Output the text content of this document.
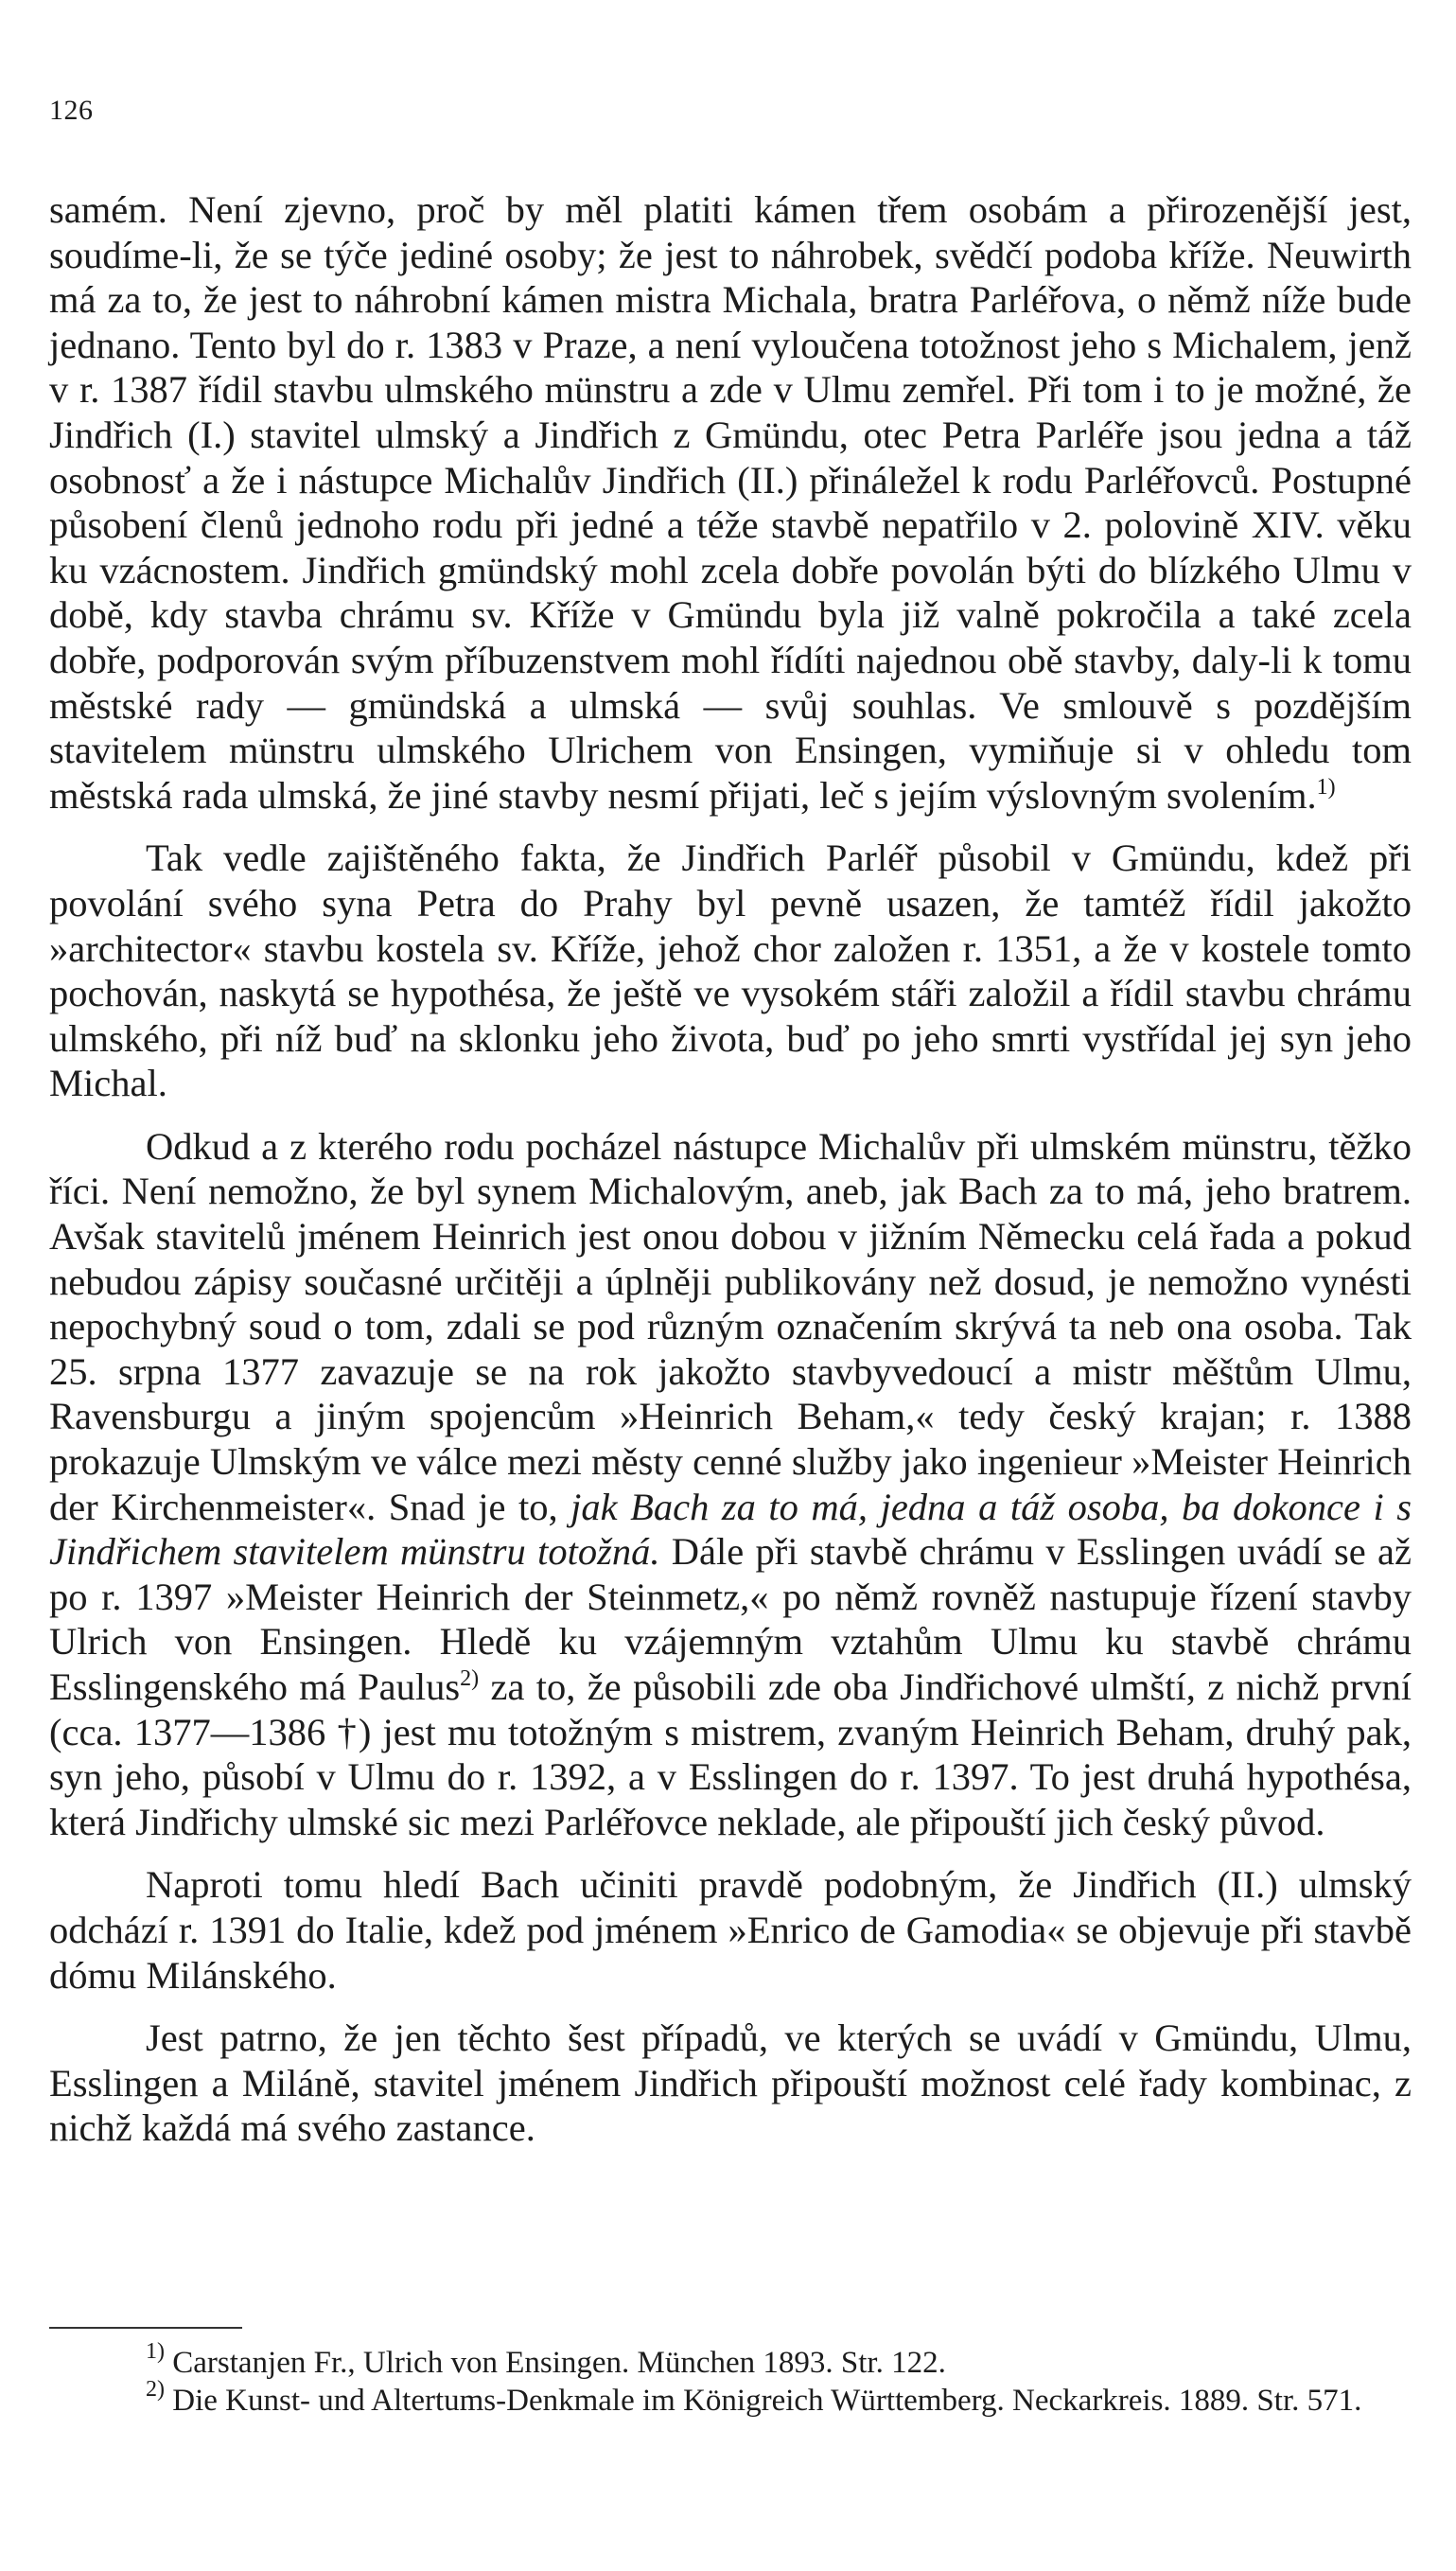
126

samém. Není zjevno, proč by měl platiti kámen třem osobám a přirozenější jest, soudíme-li, že se týče jediné osoby; že jest to náhrobek, svědčí podoba kříže. Neuwirth má za to, že jest to náhrobní kámen mistra Michala, bratra Parléřova, o němž níže bude jednano. Tento byl do r. 1383 v Praze, a není vyloučena totožnost jeho s Michalem, jenž v r. 1387 řídil stavbu ulmského münstru a zde v Ulmu zemřel. Při tom i to je možné, že Jindřich (I.) stavitel ulmský a Jindřich z Gmündu, otec Petra Parléře jsou jedna a táž osobnosť a že i nástupce Michalův Jindřich (II.) přináležel k rodu Parléřovců. Postupné působení členů jednoho rodu při jedné a téže stavbě nepatřilo v 2. polovině XIV. věku ku vzácnostem. Jindřich gmündský mohl zcela dobře povolán býti do blízkého Ulmu v době, kdy stavba chrámu sv. Kříže v Gmündu byla již valně pokročila a také zcela dobře, podporován svým příbuzenstvem mohl řídíti najednou obě stavby, daly-li k tomu městské rady — gmündská a ulmská — svůj souhlas. Ve smlouvě s pozdějším stavitelem münstru ulmského Ulrichem von Ensingen, vymiňuje si v ohledu tom městská rada ulmská, že jiné stavby nesmí přijati, leč s jejím výslovným svolením.$^{1)}$

Tak vedle zajištěného fakta, že Jindřich Parléř působil v Gmündu, kdež při povolání svého syna Petra do Prahy byl pevně usazen, že tamtéž řídil jakožto »architector« stavbu kostela sv. Kříže, jehož chor založen r. 1351, a že v kostele tomto pochován, naskytá se hypothésa, že ještě ve vysokém stáři založil a řídil stavbu chrámu ulmského, při níž buď na sklonku jeho života, buď po jeho smrti vystřídal jej syn jeho Michal.

Odkud a z kterého rodu pocházel nástupce Michalův při ulmském münstru, těžko říci. Není nemožno, že byl synem Michalovým, aneb, jak Bach za to má, jeho bratrem. Avšak stavitelů jménem Heinrich jest onou dobou v jižním Německu celá řada a pokud nebudou zápisy současné určitěji a úplněji publikovány než dosud, je nemožno vynésti nepochybný soud o tom, zdali se pod různým označením skrývá ta neb ona osoba. Tak 25. srpna 1377 zavazuje se na rok jakožto stavbyvedoucí a mistr měštům Ulmu, Ravensburgu a jiným spojencům »Heinrich Beham,« tedy český krajan; r. 1388 prokazuje Ulmským ve válce mezi městy cenné služby jako ingenieur »Meister Heinrich der Kirchenmeister«. Snad je to, jak Bach za to má, jedna a táž osoba, ba dokonce i s Jindřichem stavitelem münstru totožná. Dále při stavbě chrámu v Esslingen uvádí se až po r. 1397 »Meister Heinrich der Steinmetz,« po němž rovněž nastupuje řízení stavby Ulrich von Ensingen. Hledě ku vzájemným vztahům Ulmu ku stavbě chrámu Esslingenského má Paulus$^{2)}$ za to, že působili zde oba Jindřichové ulmští, z nichž první (cca. 1377—1386 †) jest mu totožným s mistrem, zvaným Heinrich Beham, druhý pak, syn jeho, působí v Ulmu do r. 1392, a v Esslingen do r. 1397. To jest druhá hypothésa, která Jindřichy ulmské sic mezi Parléřovce neklade, ale připouští jich český původ.

Naproti tomu hledí Bach učiniti pravdě podobným, že Jindřich (II.) ulmský odchází r. 1391 do Italie, kdež pod jménem »Enrico de Gamodia« se objevuje při stavbě dómu Milánského.

Jest patrno, že jen těchto šest případů, ve kterých se uvádí v Gmündu, Ulmu, Esslingen a Miláně, stavitel jménem Jindřich připouští možnost celé řady kombinac, z nichž každá má svého zastance.

$^{1)}$ Carstanjen Fr., Ulrich von Ensingen. München 1893. Str. 122.

$^{2)}$ Die Kunst- und Altertums-Denkmale im Königreich Württemberg. Neckarkreis. 1889. Str. 571.
